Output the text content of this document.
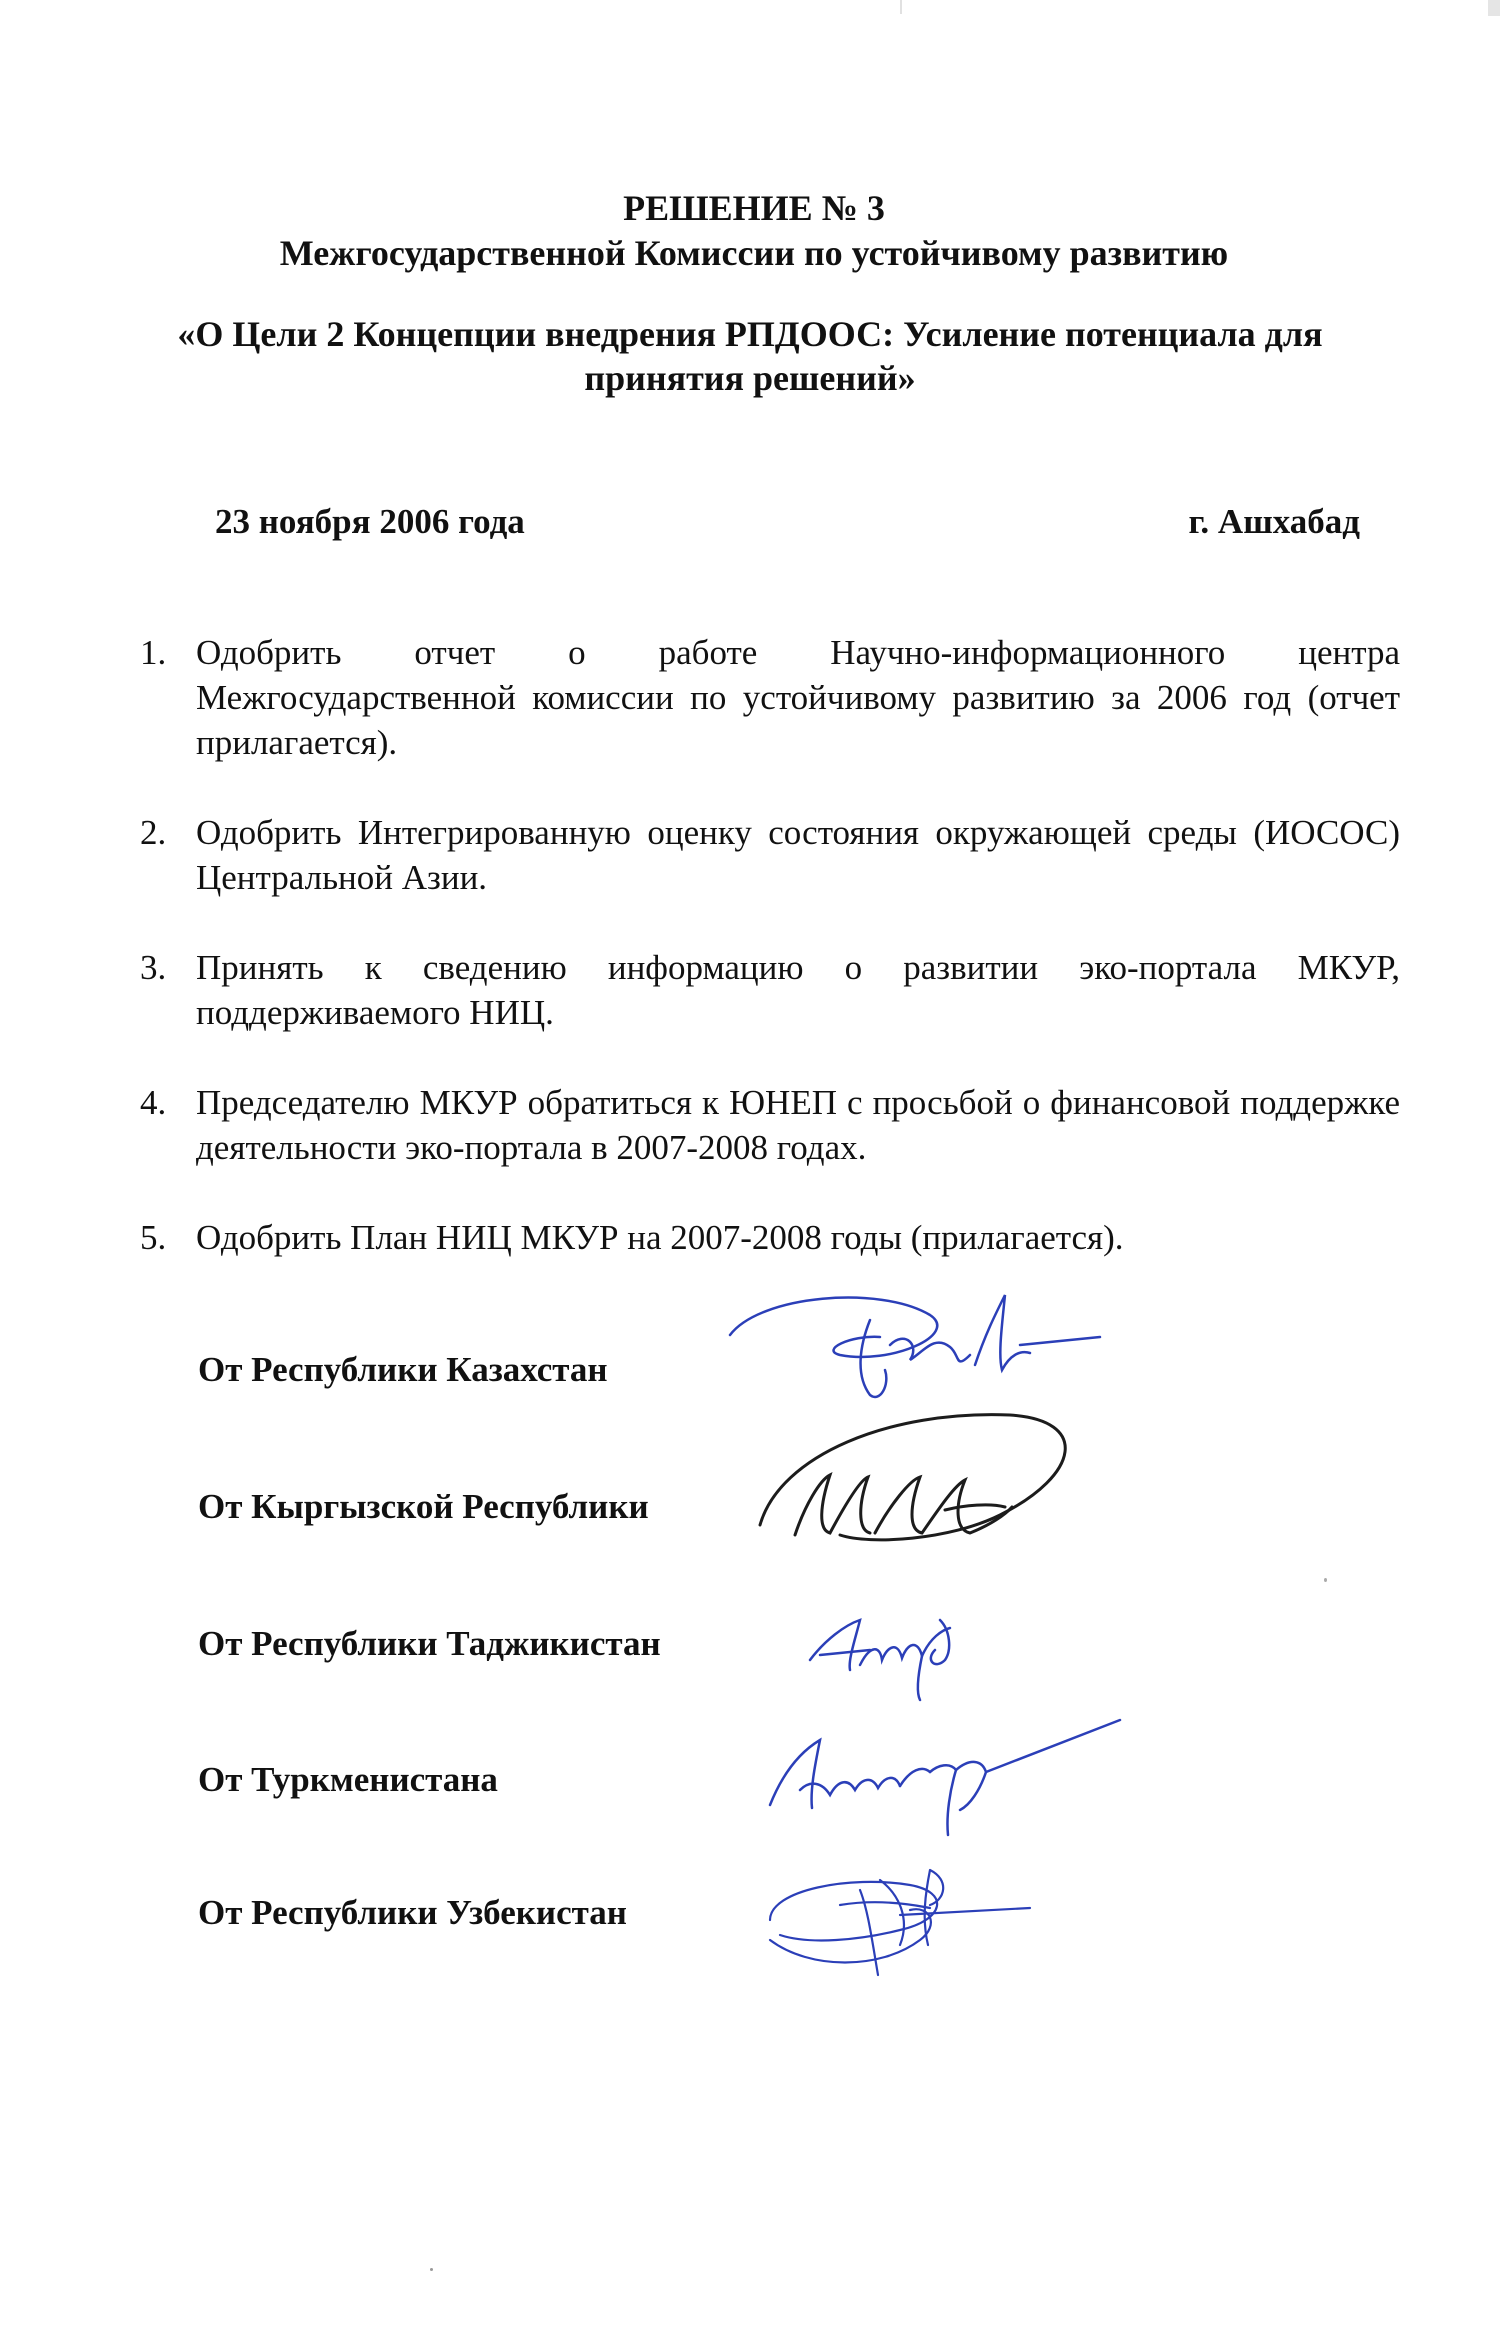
РЕШЕНИЕ № 3
Межгосударственной Комиссии по устойчивому развитию
«О Цели 2 Концепции внедрения РПДООС: Усиление потенциала для принятия решений»
23 ноября 2006 года	г. Ашхабад
1. Одобрить отчет о работе Научно-информационного центра Межгосударственной комиссии по устойчивому развитию за 2006 год (отчет прилагается).
2. Одобрить Интегрированную оценку состояния окружающей среды (ИОСОС) Центральной Азии.
3. Принять к сведению информацию о развитии эко-портала МКУР, поддерживаемого НИЦ.
4. Председателю МКУР обратиться к ЮНЕП с просьбой о финансовой поддержке деятельности эко-портала в 2007-2008 годах.
5. Одобрить План НИЦ МКУР на 2007-2008 годы (прилагается).
От Республики Казахстан
От Кыргызской Республики
От Республики Таджикистан
От Туркменистана
От Республики Узбекистан
